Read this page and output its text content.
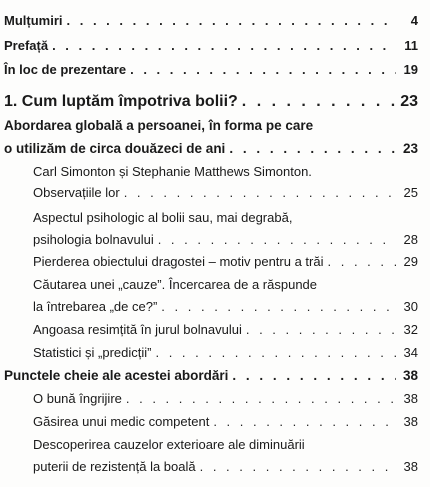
Mulțumiri . . .	4
Prefață . . .	11
În loc de prezentare . . .	19
1. Cum luptăm împotriva bolii? . . .	23
Abordarea globală a persoanei, în forma pe care
o utilizăm de circa douăzeci de ani . . .	23
Carl Simonton și Stephanie Matthews Simonton.
Observațiile lor . . .	25
Aspectul psihologic al bolii sau, mai degrabă,
psihologia bolnavului . . .	28
Pierderea obiectului dragostei – motiv pentru a trăi . . .	29
Căutarea unei „cauze”. Încercarea de a răspunde
la întrebarea „de ce?” . . .	30
Angoasa resimțită în jurul bolnavului . . .	32
Statistici și „predicții” . . .	34
Punctele cheie ale acestei abordări . . .	38
O bună îngrijire . . .	38
Găsirea unui medic competent . . .	38
Descoperirea cauzelor exterioare ale diminuării
puterii de rezistență la boală . . .	38
